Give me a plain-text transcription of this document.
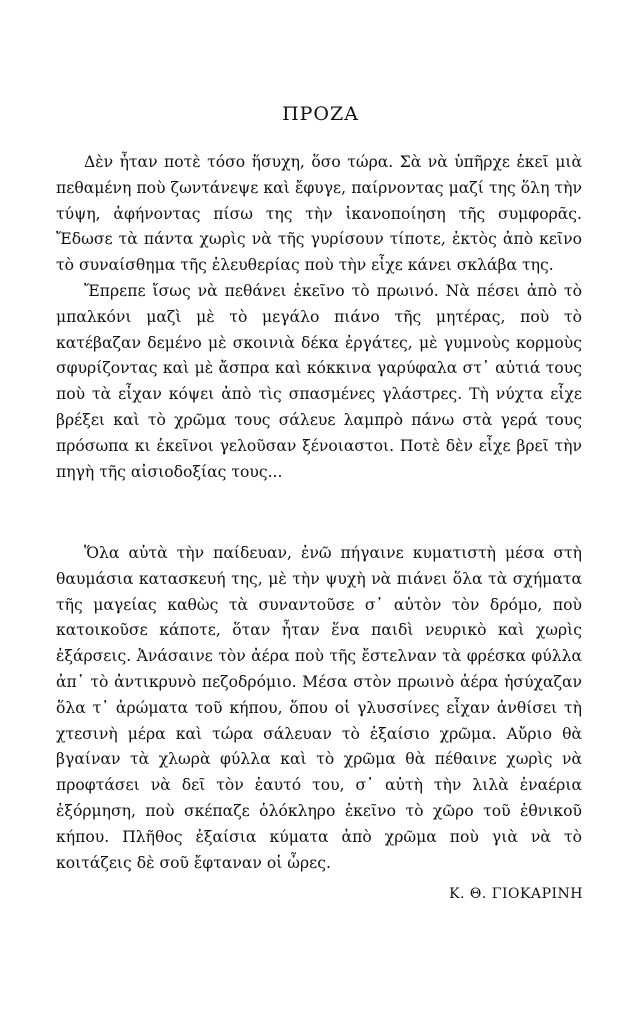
ΠΡΟΖΑ

Δὲν ἦταν ποτὲ τόσο ἥσυχη, ὅσο τώρα. Σὰ νὰ ὑπῆρχε ἐκεῖ μιὰ πεθαμένη ποὺ ζωντάνεψε καὶ ἔφυγε, παίρνοντας μαζί της ὅλη τὴν τύψη, ἀφήνοντας πίσω της τὴν ἱκανοποίηση τῆς συμφορᾶς. Ἔδωσε τὰ πάντα χωρὶς νὰ τῆς γυρίσουν τίποτε, ἐκτὸς ἀπὸ κεῖνο τὸ συναίσθημα τῆς ἐλευθερίας ποὺ τὴν εἶχε κάνει σκλάβα της.

Ἔπρεπε ἴσως νὰ πεθάνει ἐκεῖνο τὸ πρωινό. Νὰ πέσει ἀπὸ τὸ μπαλκόνι μαζὶ μὲ τὸ μεγάλο πιάνο τῆς μητέρας, ποὺ τὸ κατέβαζαν δεμένο μὲ σκοινιὰ δέκα ἐργάτες, μὲ γυμνοὺς κορμοὺς σφυρίζοντας καὶ μὲ ἄσπρα καὶ κόκκινα γαρύφαλα στ᾽ αὐτιά τους ποὺ τὰ εἶχαν κόψει ἀπὸ τὶς σπασμένες γλάστρες. Τὴ νύχτα εἶχε βρέξει καὶ τὸ χρῶμα τους σάλευε λαμπρὸ πάνω στὰ γερά τους πρόσωπα κι ἐκεῖνοι γελοῦσαν ξένοιαστοι. Ποτὲ δὲν εἶχε βρεῖ τὴν πηγὴ τῆς αἰσιοδοξίας τους...

Ὅλα αὐτὰ τὴν παίδευαν, ἐνῶ πήγαινε κυματιστὴ μέσα στὴ θαυμάσια κατασκευή της, μὲ τὴν ψυχὴ νὰ πιάνει ὅλα τὰ σχήματα τῆς μαγείας καθὼς τὰ συναντοῦσε σ᾽ αὐτὸν τὸν δρόμο, ποὺ κατοικοῦσε κάποτε, ὅταν ἦταν ἕνα παιδὶ νευρικὸ καὶ χωρὶς ἐξάρσεις. Ἀνάσαινε τὸν ἀέρα ποὺ τῆς ἔστελναν τὰ φρέσκα φύλλα ἀπ᾽ τὸ ἀντικρυνὸ πεζοδρόμιο. Μέσα στὸν πρωινὸ ἀέρα ἡσύχαζαν ὅλα τ᾽ ἀρώματα τοῦ κήπου, ὅπου οἱ γλυσσίνες εἶχαν ἀνθίσει τὴ χτεσινὴ μέρα καὶ τώρα σάλευαν τὸ ἐξαίσιο χρῶμα. Αὔριο θὰ βγαίναν τὰ χλωρὰ φύλλα καὶ τὸ χρῶμα θὰ πέθαινε χωρὶς νὰ προφτάσει νὰ δεῖ τὸν ἑαυτό του, σ᾽ αὐτὴ τὴν λιλὰ ἐναέρια ἐξόρμηση, ποὺ σκέπαζε ὁλόκληρο ἐκεῖνο τὸ χῶρο τοῦ ἐθνικοῦ κήπου. Πλῆθος ἐξαίσια κύματα ἀπὸ χρῶμα ποὺ γιὰ νὰ τὸ κοιτάζεις δὲ σοῦ ἔφταναν οἱ ὧρες.

Κ. Θ. ΓΙΟΚΑΡΙΝΗ
